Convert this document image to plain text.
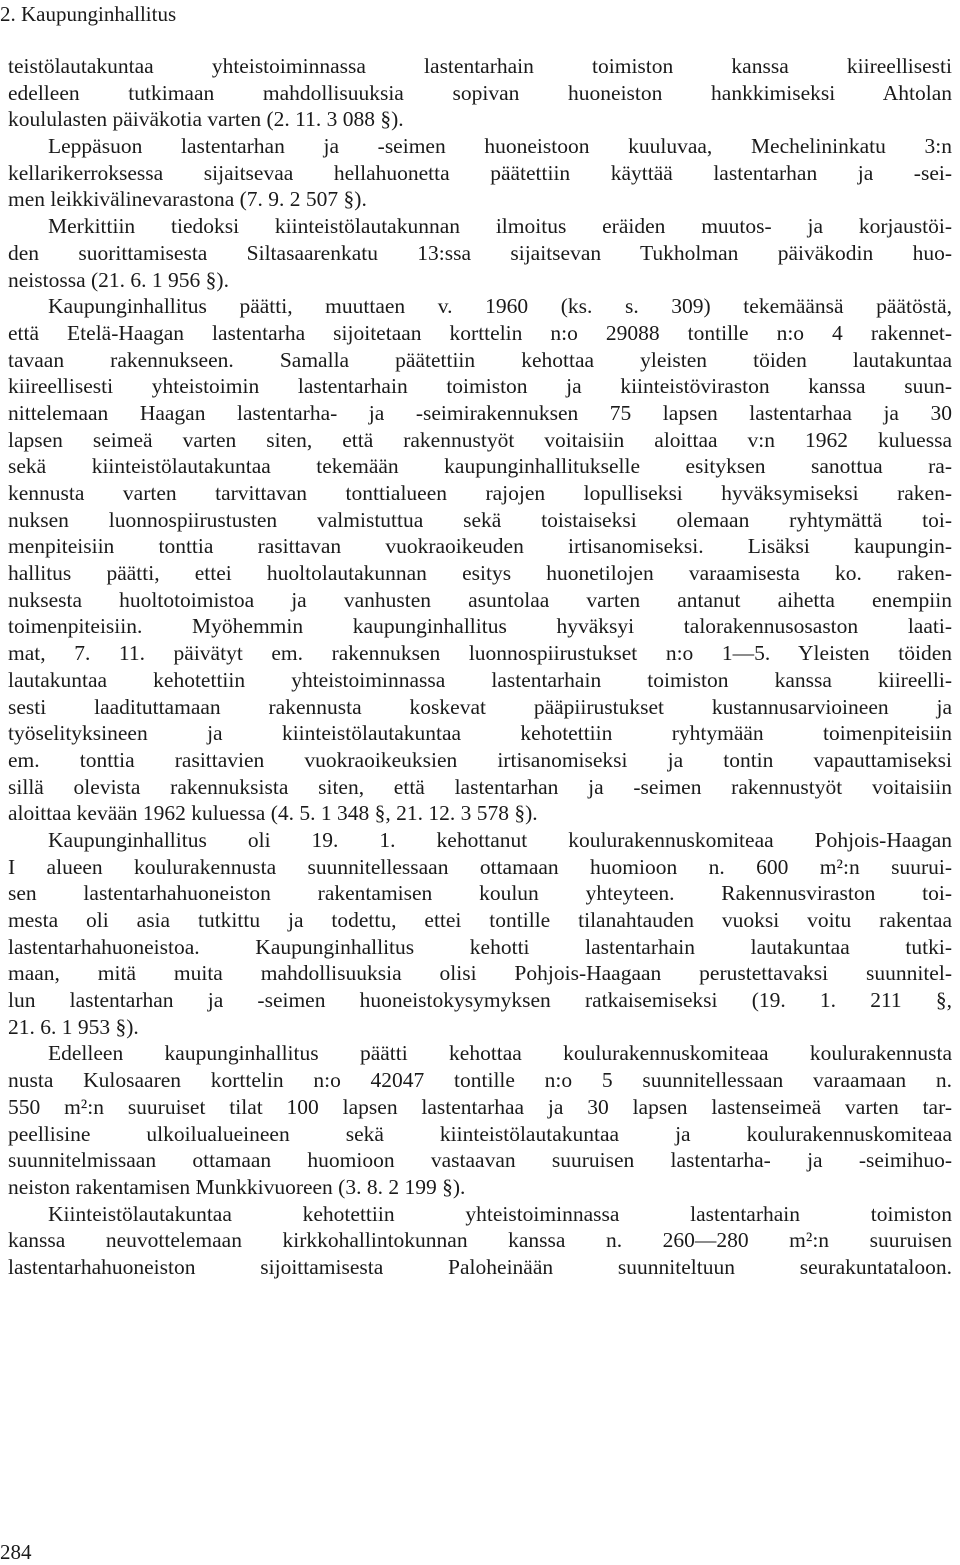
2. Kaupunginhallitus
teistölautakuntaa yhteistoiminnassa lastentarhain toimiston kanssa kiireellisesti
edelleen tutkimaan mahdollisuuksia sopivan huoneiston hankkimiseksi Ahtolan
koululasten päiväkotia varten (2. 11. 3 088 §).
Leppäsuon lastentarhan ja -seimen huoneistoon kuuluvaa, Mechelininkatu 3:n
kellarikerroksessa sijaitsevaa hellahuonetta päätettiin käyttää lastentarhan ja -sei-
men leikkivälinevarastona (7. 9. 2 507 §).
Merkittiin tiedoksi kiinteistölautakunnan ilmoitus eräiden muutos- ja korjaustöi-
den suorittamisesta Siltasaarenkatu 13:ssa sijaitsevan Tukholman päiväkodin huo-
neistossa (21. 6. 1 956 §).
Kaupunginhallitus päätti, muuttaen v. 1960 (ks. s. 309) tekemäänsä päätöstä,
että Etelä-Haagan lastentarha sijoitetaan korttelin n:o 29088 tontille n:o 4 rakennet-
tavaan rakennukseen. Samalla päätettiin kehottaa yleisten töiden lautakuntaa
kiireellisesti yhteistoimin lastentarhain toimiston ja kiinteistöviraston kanssa suun-
nittelemaan Haagan lastentarha- ja -seimirakennuksen 75 lapsen lastentarhaa ja 30
lapsen seimeä varten siten, että rakennustyöt voitaisiin aloittaa v:n 1962 kuluessa
sekä kiinteistölautakuntaa tekemään kaupunginhallitukselle esityksen sanottua ra-
kennusta varten tarvittavan tonttialueen rajojen lopulliseksi hyväksymiseksi raken-
nuksen luonnospiirustusten valmistuttua sekä toistaiseksi olemaan ryhtymättä toi-
menpiteisiin tonttia rasittavan vuokraoikeuden irtisanomiseksi. Lisäksi kaupungin-
hallitus päätti, ettei huoltolautakunnan esitys huonetilojen varaamisesta ko. raken-
nuksesta huoltotoimistoa ja vanhusten asuntolaa varten antanut aihetta enempiin
toimenpiteisiin. Myöhemmin kaupunginhallitus hyväksyi talorakennusosaston laati-
mat, 7. 11. päivätyt em. rakennuksen luonnospiirustukset n:o 1—5. Yleisten töiden
lautakuntaa kehotettiin yhteistoiminnassa lastentarhain toimiston kanssa kiireelli-
sesti laadituttamaan rakennusta koskevat pääpiirustukset kustannusarvioineen ja
työselityksineen ja kiinteistölautakuntaa kehotettiin ryhtymään toimenpiteisiin
em. tonttia rasittavien vuokraoikeuksien irtisanomiseksi ja tontin vapauttamiseksi
sillä olevista rakennuksista siten, että lastentarhan ja -seimen rakennustyöt voitaisiin
aloittaa kevään 1962 kuluessa (4. 5. 1 348 §, 21. 12. 3 578 §).
Kaupunginhallitus oli 19. 1. kehottanut koulurakennuskomiteaa Pohjois-Haagan
I alueen koulurakennusta suunnitellessaan ottamaan huomioon n. 600 m²:n suurui-
sen lastentarhahuoneiston rakentamisen koulun yhteyteen. Rakennusviraston toi-
mesta oli asia tutkittu ja todettu, ettei tontille tilanahtauden vuoksi voitu rakentaa
lastentarhahuoneistoa. Kaupunginhallitus kehotti lastentarhain lautakuntaa tutki-
maan, mitä muita mahdollisuuksia olisi Pohjois-Haagaan perustettavaksi suunnitel-
lun lastentarhan ja -seimen huoneistokysymyksen ratkaisemiseksi (19. 1. 211 §,
21. 6. 1 953 §).
Edelleen kaupunginhallitus päätti kehottaa koulurakennuskomiteaa koulurakennusta
nusta Kulosaaren korttelin n:o 42047 tontille n:o 5 suunnitellessaan varaamaan n.
550 m²:n suuruiset tilat 100 lapsen lastentarhaa ja 30 lapsen lastenseimeä varten tar-
peellisine ulkoilualueineen sekä kiinteistölautakuntaa ja koulurakennuskomiteaa
suunnitelmissaan ottamaan huomioon vastaavan suuruisen lastentarha- ja -seimihuo-
neiston rakentamisen Munkkivuoreen (3. 8. 2 199 §).
Kiinteistölautakuntaa kehotettiin yhteistoiminnassa lastentarhain toimiston
kanssa neuvottelemaan kirkkohallintokunnan kanssa n. 260—280 m²:n suuruisen
lastentarhahuoneiston sijoittamisesta Paloheinään suunniteltuun seurakuntataloon.
284
